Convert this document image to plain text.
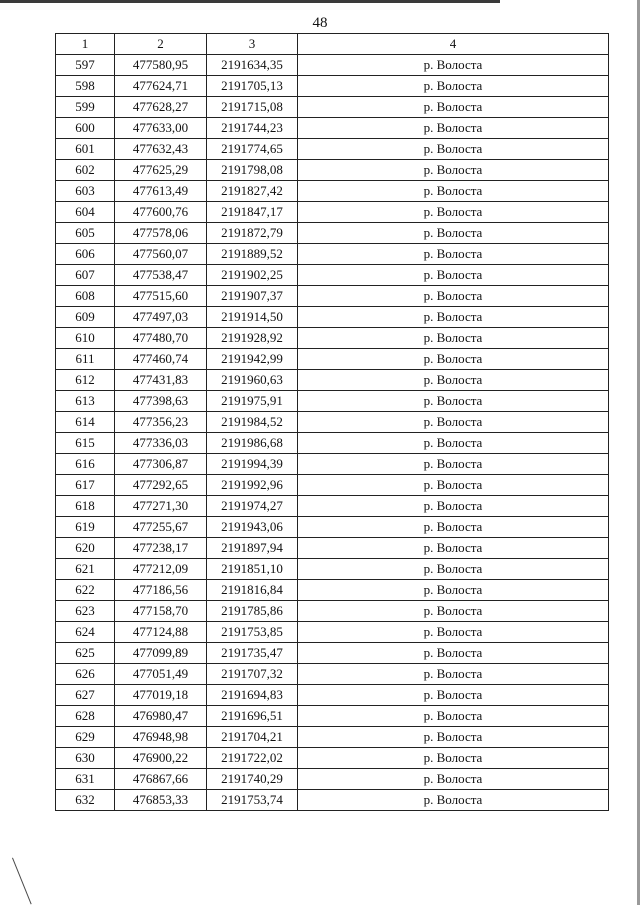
48
1	2	3	4
597	477580,95	2191634,35	р. Волоста
598	477624,71	2191705,13	р. Волоста
599	477628,27	2191715,08	р. Волоста
600	477633,00	2191744,23	р. Волоста
601	477632,43	2191774,65	р. Волоста
602	477625,29	2191798,08	р. Волоста
603	477613,49	2191827,42	р. Волоста
604	477600,76	2191847,17	р. Волоста
605	477578,06	2191872,79	р. Волоста
606	477560,07	2191889,52	р. Волоста
607	477538,47	2191902,25	р. Волоста
608	477515,60	2191907,37	р. Волоста
609	477497,03	2191914,50	р. Волоста
610	477480,70	2191928,92	р. Волоста
611	477460,74	2191942,99	р. Волоста
612	477431,83	2191960,63	р. Волоста
613	477398,63	2191975,91	р. Волоста
614	477356,23	2191984,52	р. Волоста
615	477336,03	2191986,68	р. Волоста
616	477306,87	2191994,39	р. Волоста
617	477292,65	2191992,96	р. Волоста
618	477271,30	2191974,27	р. Волоста
619	477255,67	2191943,06	р. Волоста
620	477238,17	2191897,94	р. Волоста
621	477212,09	2191851,10	р. Волоста
622	477186,56	2191816,84	р. Волоста
623	477158,70	2191785,86	р. Волоста
624	477124,88	2191753,85	р. Волоста
625	477099,89	2191735,47	р. Волоста
626	477051,49	2191707,32	р. Волоста
627	477019,18	2191694,83	р. Волоста
628	476980,47	2191696,51	р. Волоста
629	476948,98	2191704,21	р. Волоста
630	476900,22	2191722,02	р. Волоста
631	476867,66	2191740,29	р. Волоста
632	476853,33	2191753,74	р. Волоста
